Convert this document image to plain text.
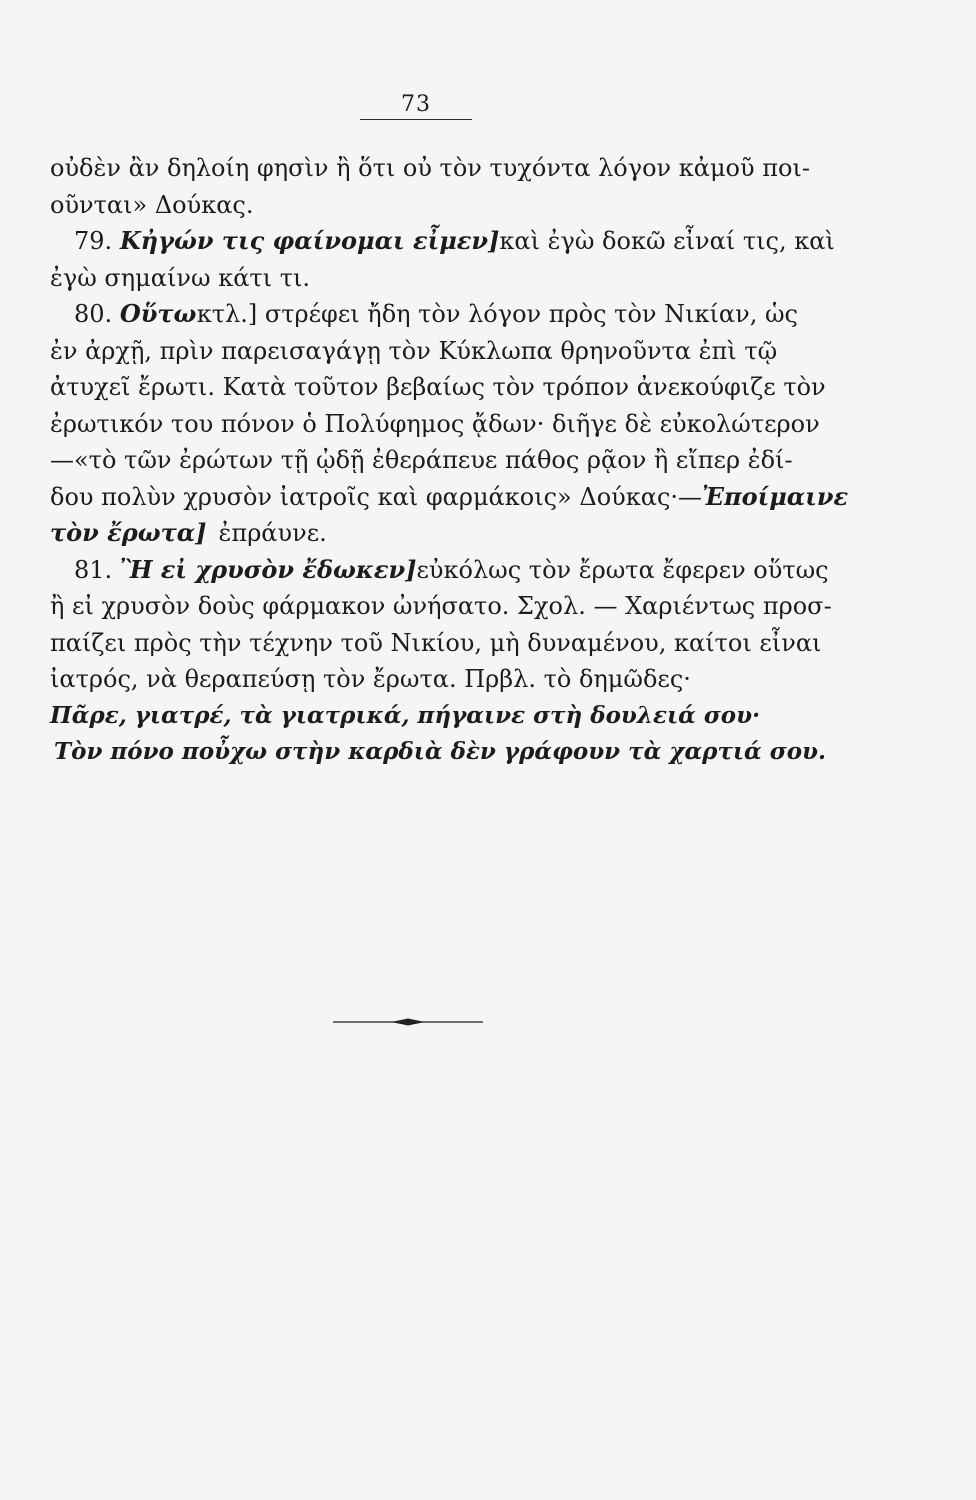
73
οὐδὲν ἂν δηλοίη φησὶν ἢ ὅτι οὐ τὸν τυχόντα λόγον κἀμοῦ ποι-
οῦνται» Δούκας.
79. Κἠγών τις φαίνομαι εἶμεν] καὶ ἐγὼ δοκῶ εἶναί τις, καὶ
ἐγὼ σημαίνω κάτι τι.
80. Οὕτω κτλ.] στρέφει ἤδη τὸν λόγον πρὸς τὸν Νικίαν, ὡς
ἐν ἀρχῇ, πρὶν παρεισαγάγῃ τὸν Κύκλωπα θρηνοῦντα ἐπὶ τῷ
ἀτυχεῖ ἔρωτι. Κατὰ τοῦτον βεβαίως τὸν τρόπον ἀνεκούφιζε τὸν
ἐρωτικόν του πόνον ὁ Πολύφημος ᾄδων· διῆγε δὲ εὐκολώτερον
—«τὸ τῶν ἐρώτων τῇ ᾠδῇ ἐθεράπευε πάθος ρᾷον ἢ εἴπερ ἐδί-
δου πολὺν χρυσὸν ἰατροῖς καὶ φαρμάκοις» Δούκας·— Ἐποίμαινε
τὸν ἔρωτα] ἐπράυνε.
81. Ἢ εἰ χρυσὸν ἔδωκεν] εὐκόλως τὸν ἔρωτα ἔφερεν οὕτως
ἢ εἰ χρυσὸν δοὺς φάρμακον ὠνήσατο. Σχολ. — Χαριέντως προσ-
παίζει πρὸς τὴν τέχνην τοῦ Νικίου, μὴ δυναμένου, καίτοι εἶναι
ἰατρός, νὰ θεραπεύσῃ τὸν ἔρωτα. Πρβλ. τὸ δημῶδες·
Πᾶρε, γιατρέ, τὰ γιατρικά, πήγαινε στὴ δουλειά σου·
Τὸν πόνο ποὖχω στὴν καρδιὰ δὲν γράφουν τὰ χαρτιά σου.
